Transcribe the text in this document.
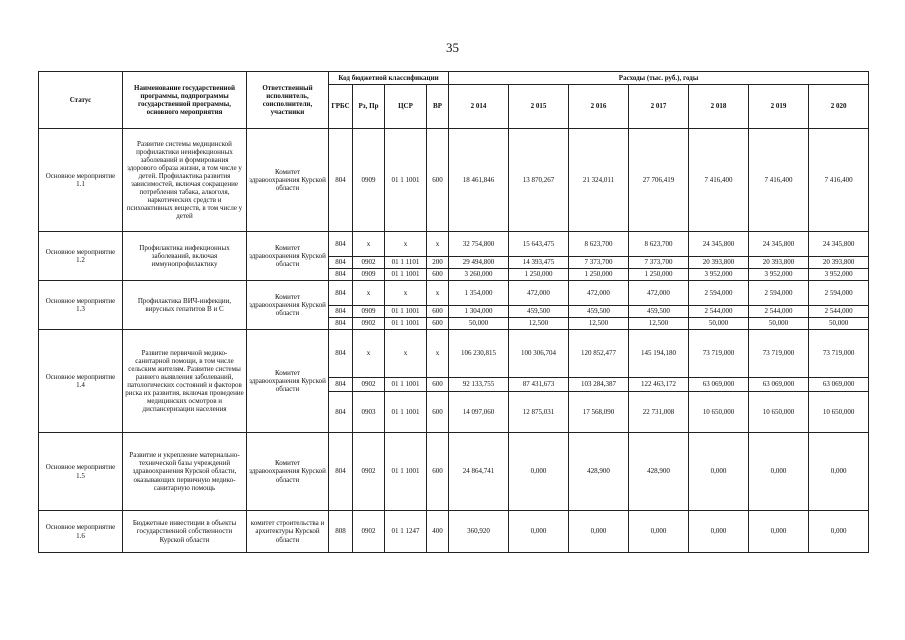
35
Статус	Наименование государственной программы, подпрограммы государственной программы, основного мероприятия	Ответственный исполнитель, соисполнители, участники	Код бюджетной классификации				Расходы (тыс. руб.), годы						
			ГРБС	Рз, Пр	ЦСР	ВР	2 014	2 015	2 016	2 017	2 018	2 019	2 020
Основное мероприятие 1.1	Развитие системы медицинской профилактики неинфекционных заболеваний и формирования здорового образа жизни, в том числе у детей. Профилактика развития зависимостей, включая сокращение потребления табака, алкоголя, наркотических средств и психоактивных веществ, в том числе у детей	Комитет здравоохранения Курской области	804	0909	01 1 1001	600	18 461,846	13 870,267	21 324,011	27 706,419	7 416,400	7 416,400	7 416,400
Основное мероприятие 1.2	Профилактика инфекционных заболеваний, включая иммунопрофилактику	Комитет здравоохранения Курской области	804	х	х	х	32 754,800	15 643,475	8 623,700	8 623,700	24 345,800	24 345,800	24 345,800
			804	0902	01 1 1101	200	29 494,800	14 393,475	7 373,700	7 373,700	20 393,800	20 393,800	20 393,800
			804	0909	01 1 1001	600	3 260,000	1 250,000	1 250,000	1 250,000	3 952,000	3 952,000	3 952,000
Основное мероприятие 1.3	Профилактика ВИЧ-инфекции, вирусных гепатитов В и С	Комитет здравоохранения Курской области	804	х	х	х	1 354,000	472,000	472,000	472,000	2 594,000	2 594,000	2 594,000
			804	0909	01 1 1001	600	1 304,000	459,500	459,500	459,500	2 544,000	2 544,000	2 544,000
			804	0902	01 1 1001	600	50,000	12,500	12,500	12,500	50,000	50,000	50,000
Основное мероприятие 1.4	Развитие первичной медико-санитарной помощи, в том числе сельским жителям. Развитие системы раннего выявления заболеваний, патологических состояний и факторов риска их развития, включая проведение медицинских осмотров и диспансеризации населения	Комитет здравоохранения Курской области	804	х	х	х	106 230,815	100 306,704	120 852,477	145 194,180	73 719,000	73 719,000	73 719,000
			804	0902	01 1 1001	600	92 133,755	87 431,673	103 284,387	122 463,172	63 069,000	63 069,000	63 069,000
			804	0903	01 1 1001	600	14 097,060	12 875,031	17 568,090	22 731,008	10 650,000	10 650,000	10 650,000
Основное мероприятие 1.5	Развитие и укрепление материально-технической базы учреждений здравоохранения Курской области, оказывающих первичную медико-санитарную помощь	Комитет здравоохранения Курской области	804	0902	01 1 1001	600	24 864,741	0,000	428,900	428,900	0,000	0,000	0,000
Основное мероприятие 1.6	Бюджетные инвестиции в объекты государственной собственности Курской области	комитет строительства и архитектуры Курской области	808	0902	01 1 1247	400	360,920	0,000	0,000	0,000	0,000	0,000	0,000
